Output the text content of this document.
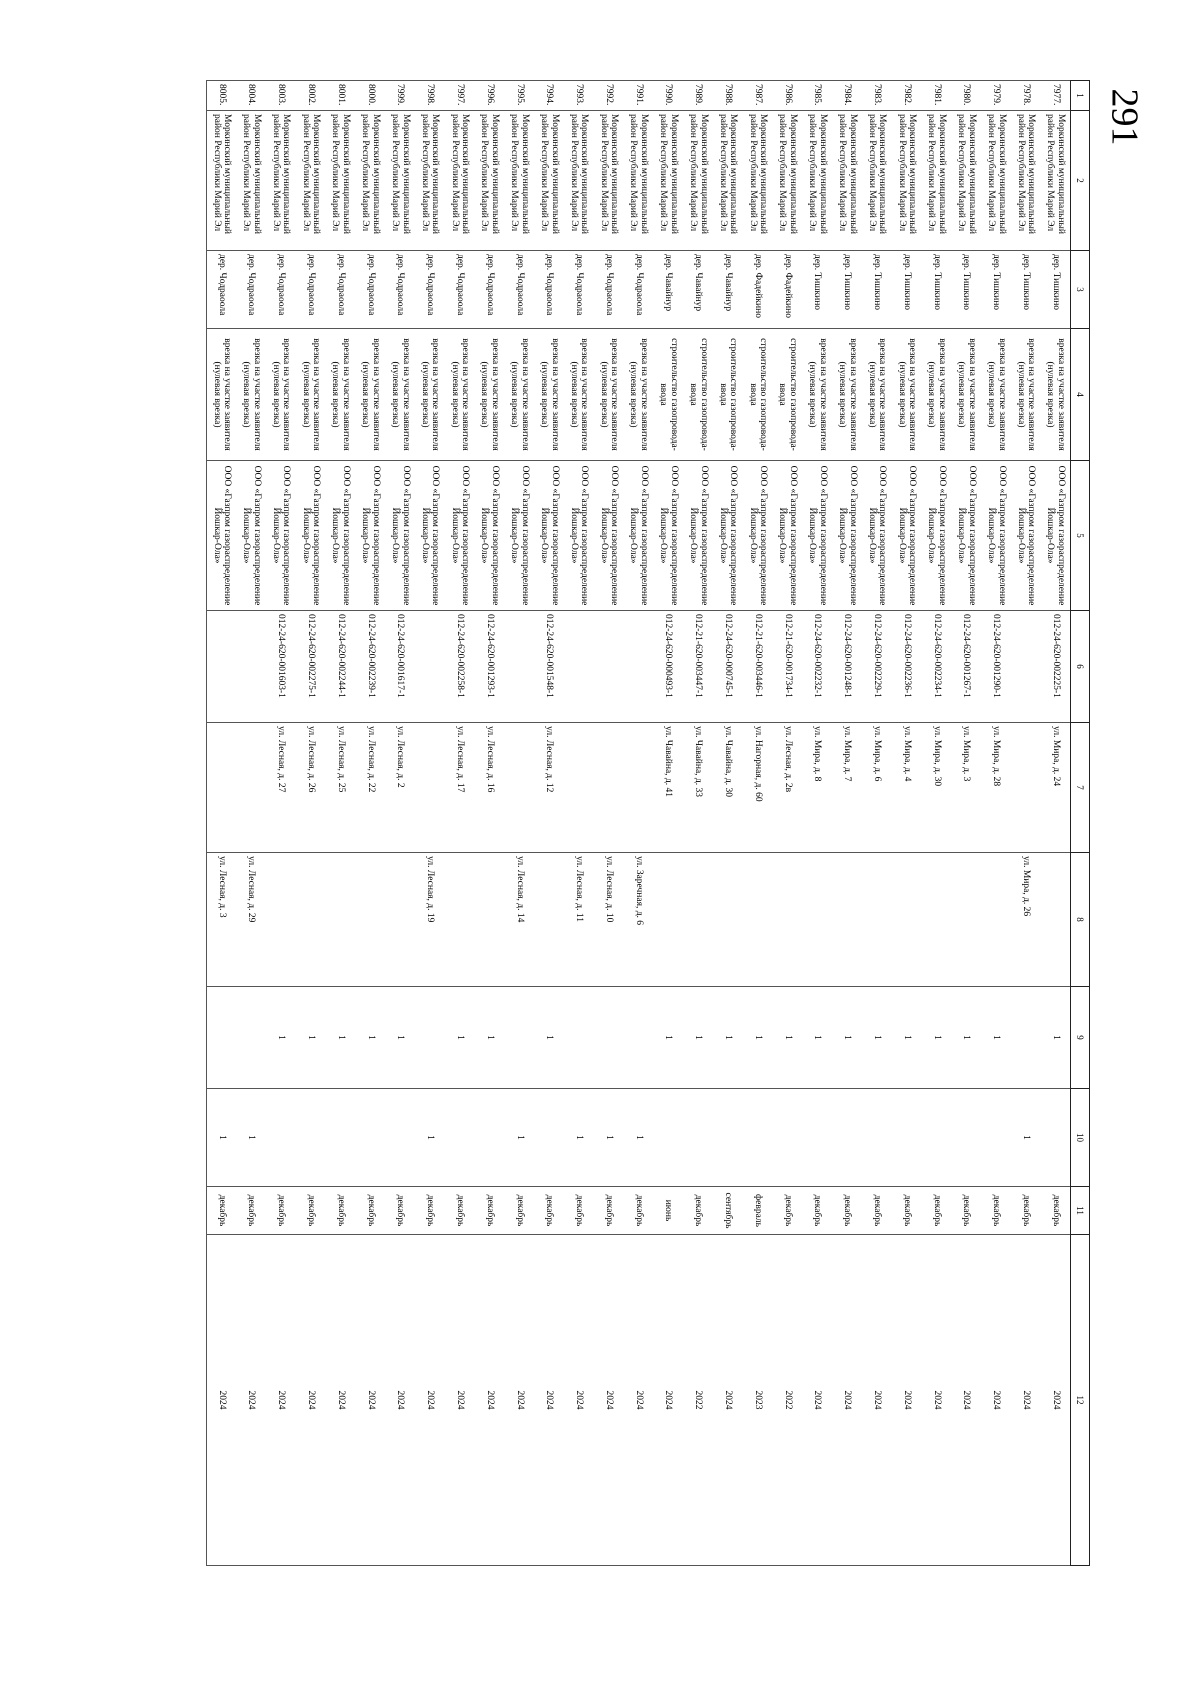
291
1	2	3	4	5	6	7	8	9	10	11	12
7977.	Моркинский муниципальный район Республики Марий Эл	дер. Тишкино	врезка на участке заявителя (нулевая врезка)	ООО «Газпром газораспределение Йошкар-Ола»	012-24-620-002225-1	ул. Мира, д. 24		1		декабрь	2024
7978.	Моркинский муниципальный район Республики Марий Эл	дер. Тишкино	врезка на участке заявителя (нулевая врезка)	ООО «Газпром газораспределение Йошкар-Ола»			ул. Мира, д. 26		1	декабрь	2024
7979.	Моркинский муниципальный район Республики Марий Эл	дер. Тишкино	врезка на участке заявителя (нулевая врезка)	ООО «Газпром газораспределение Йошкар-Ола»	012-24-620-001290-1	ул. Мира, д. 28		1		декабрь	2024
7980.	Моркинский муниципальный район Республики Марий Эл	дер. Тишкино	врезка на участке заявителя (нулевая врезка)	ООО «Газпром газораспределение Йошкар-Ола»	012-24-620-001267-1	ул. Мира, д. 3		1		декабрь	2024
7981.	Моркинский муниципальный район Республики Марий Эл	дер. Тишкино	врезка на участке заявителя (нулевая врезка)	ООО «Газпром газораспределение Йошкар-Ола»	012-24-620-002234-1	ул. Мира, д. 30		1		декабрь	2024
7982.	Моркинский муниципальный район Республики Марий Эл	дер. Тишкино	врезка на участке заявителя (нулевая врезка)	ООО «Газпром газораспределение Йошкар-Ола»	012-24-620-002236-1	ул. Мира, д. 4		1		декабрь	2024
7983.	Моркинский муниципальный район Республики Марий Эл	дер. Тишкино	врезка на участке заявителя (нулевая врезка)	ООО «Газпром газораспределение Йошкар-Ола»	012-24-620-002229-1	ул. Мира, д. 6		1		декабрь	2024
7984.	Моркинский муниципальный район Республики Марий Эл	дер. Тишкино	врезка на участке заявителя (нулевая врезка)	ООО «Газпром газораспределение Йошкар-Ола»	012-24-620-001248-1	ул. Мира, д. 7		1		декабрь	2024
7985.	Моркинский муниципальный район Республики Марий Эл	дер. Тишкино	врезка на участке заявителя (нулевая врезка)	ООО «Газпром газораспределение Йошкар-Ола»	012-24-620-002232-1	ул. Мира, д. 8		1		декабрь	2024
7986.	Моркинский муниципальный район Республики Марий Эл	дер. Фадейкино	строительство газопровода-ввода	ООО «Газпром газораспределение Йошкар-Ола»	012-21-620-001734-1	ул. Лесная, д. 2в		1		декабрь	2022
7987.	Моркинский муниципальный район Республики Марий Эл	дер. Фадейкино	строительство газопровода-ввода	ООО «Газпром газораспределение Йошкар-Ола»	012-21-620-003446-1	ул. Нагорная, д. 60		1		февраль	2023
7988.	Моркинский муниципальный район Республики Марий Эл	дер. Чавайнур	строительство газопровода-ввода	ООО «Газпром газораспределение Йошкар-Ола»	012-24-620-000745-1	ул. Чавайна, д. 30		1		сентябрь	2024
7989.	Моркинский муниципальный район Республики Марий Эл	дер. Чавайнур	строительство газопровода-ввода	ООО «Газпром газораспределение Йошкар-Ола»	012-21-620-003447-1	ул. Чавайна, д. 33		1		декабрь	2022
7990.	Моркинский муниципальный район Республики Марий Эл	дер. Чавайнур	строительство газопровода-ввода	ООО «Газпром газораспределение Йошкар-Ола»	012-24-620-000493-1	ул. Чавайна, д. 41		1		июнь	2024
7991.	Моркинский муниципальный район Республики Марий Эл	дер. Чодраоола	врезка на участке заявителя (нулевая врезка)	ООО «Газпром газораспределение Йошкар-Ола»			ул. Заречная, д. 6		1	декабрь	2024
7992.	Моркинский муниципальный район Республики Марий Эл	дер. Чодраоола	врезка на участке заявителя (нулевая врезка)	ООО «Газпром газораспределение Йошкар-Ола»			ул. Лесная, д. 10		1	декабрь	2024
7993.	Моркинский муниципальный район Республики Марий Эл	дер. Чодраоола	врезка на участке заявителя (нулевая врезка)	ООО «Газпром газораспределение Йошкар-Ола»			ул. Лесная, д. 11		1	декабрь	2024
7994.	Моркинский муниципальный район Республики Марий Эл	дер. Чодраоола	врезка на участке заявителя (нулевая врезка)	ООО «Газпром газораспределение Йошкар-Ола»	012-24-620-001548-1	ул. Лесная, д. 12		1		декабрь	2024
7995.	Моркинский муниципальный район Республики Марий Эл	дер. Чодраоола	врезка на участке заявителя (нулевая врезка)	ООО «Газпром газораспределение Йошкар-Ола»			ул. Лесная, д. 14		1	декабрь	2024
7996.	Моркинский муниципальный район Республики Марий Эл	дер. Чодраоола	врезка на участке заявителя (нулевая врезка)	ООО «Газпром газораспределение Йошкар-Ола»	012-24-620-001293-1	ул. Лесная, д. 16		1		декабрь	2024
7997.	Моркинский муниципальный район Республики Марий Эл	дер. Чодраоола	врезка на участке заявителя (нулевая врезка)	ООО «Газпром газораспределение Йошкар-Ола»	012-24-620-002258-1	ул. Лесная, д. 17		1		декабрь	2024
7998.	Моркинский муниципальный район Республики Марий Эл	дер. Чодраоола	врезка на участке заявителя (нулевая врезка)	ООО «Газпром газораспределение Йошкар-Ола»			ул. Лесная, д. 19		1	декабрь	2024
7999.	Моркинский муниципальный район Республики Марий Эл	дер. Чодраоола	врезка на участке заявителя (нулевая врезка)	ООО «Газпром газораспределение Йошкар-Ола»	012-24-620-001617-1	ул. Лесная, д. 2		1		декабрь	2024
8000.	Моркинский муниципальный район Республики Марий Эл	дер. Чодраоола	врезка на участке заявителя (нулевая врезка)	ООО «Газпром газораспределение Йошкар-Ола»	012-24-620-002239-1	ул. Лесная, д. 22		1		декабрь	2024
8001.	Моркинский муниципальный район Республики Марий Эл	дер. Чодраоола	врезка на участке заявителя (нулевая врезка)	ООО «Газпром газораспределение Йошкар-Ола»	012-24-620-002244-1	ул. Лесная, д. 25		1		декабрь	2024
8002.	Моркинский муниципальный район Республики Марий Эл	дер. Чодраоола	врезка на участке заявителя (нулевая врезка)	ООО «Газпром газораспределение Йошкар-Ола»	012-24-620-002275-1	ул. Лесная, д. 26		1		декабрь	2024
8003.	Моркинский муниципальный район Республики Марий Эл	дер. Чодраоола	врезка на участке заявителя (нулевая врезка)	ООО «Газпром газораспределение Йошкар-Ола»	012-24-620-001603-1	ул. Лесная, д. 27		1		декабрь	2024
8004.	Моркинский муниципальный район Республики Марий Эл	дер. Чодраоола	врезка на участке заявителя (нулевая врезка)	ООО «Газпром газораспределение Йошкар-Ола»			ул. Лесная, д. 29		1	декабрь	2024
8005.	Моркинский муниципальный район Республики Марий Эл	дер. Чодраоола	врезка на участке заявителя (нулевая врезка)	ООО «Газпром газораспределение Йошкар-Ола»			ул. Лесная, д. 3		1	декабрь	2024
